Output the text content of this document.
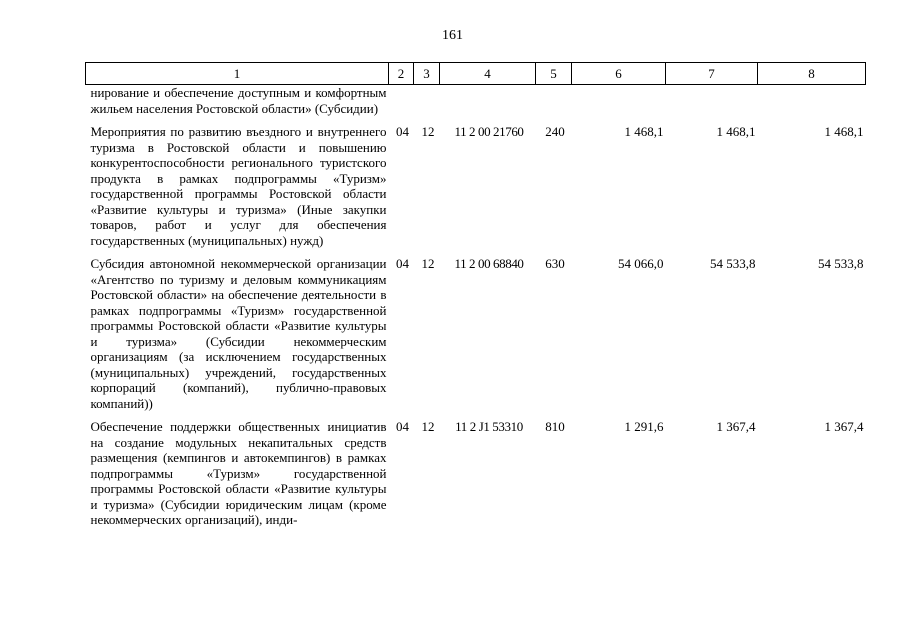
161
1	2	3	4	5	6	7	8
нирование и обеспечение доступным и комфортным жильем населения Ростовской области» (Субсидии)							

Мероприятия по развитию въездного и внутреннего туризма в Ростовской области и повышению конкурентоспособности регионального туристского продукта в рамках подпрограммы «Туризм» государственной программы Ростовской области «Развитие культуры и туризма» (Иные закупки товаров, работ и услуг для обеспечения государственных (муниципальных) нужд)	04	12	11 2 00 21760	240	1 468,1	1 468,1	1 468,1

Субсидия автономной некоммерческой организации «Агентство по туризму и деловым коммуникациям Ростовской области» на обеспечение деятельности в рамках подпрограммы «Туризм» государственной программы Ростовской области «Развитие культуры и туризма» (Субсидии некоммерческим организациям (за исключением государственных (муниципальных) учреждений, государственных корпораций (компаний), публично-правовых компаний))	04	12	11 2 00 68840	630	54 066,0	54 533,8	54 533,8

Обеспечение поддержки общественных инициатив на создание модульных некапитальных средств размещения (кемпингов и автокемпингов) в рамках подпрограммы «Туризм» государственной программы Ростовской области «Развитие культуры и туризма» (Субсидии юридическим лицам (кроме некоммерческих организаций), инди-	04	12	11 2 J1 53310	810	1 291,6	1 367,4	1 367,4
